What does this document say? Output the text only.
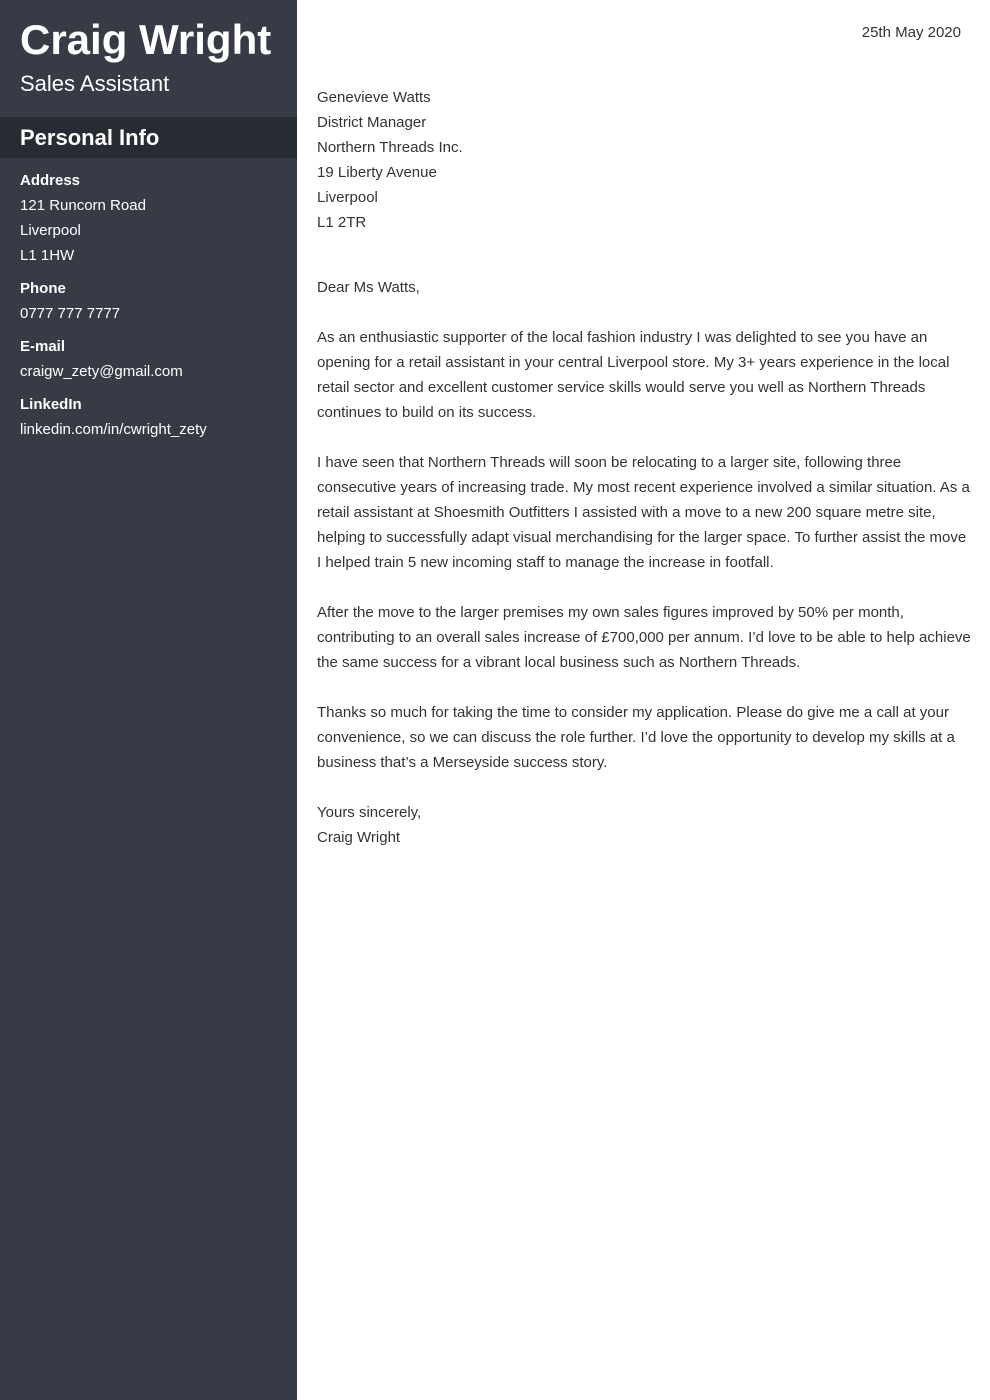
Craig Wright
Sales Assistant
Personal Info
Address
121 Runcorn Road
Liverpool
L1 1HW
Phone
0777 777 7777
E-mail
craigw_zety@gmail.com
LinkedIn
linkedin.com/in/cwright_zety
25th May 2020
Genevieve Watts
District Manager
Northern Threads Inc.
19 Liberty Avenue
Liverpool
L1 2TR
Dear Ms Watts,

As an enthusiastic supporter of the local fashion industry I was delighted to see you have an opening for a retail assistant in your central Liverpool store. My 3+ years experience in the local retail sector and excellent customer service skills would serve you well as Northern Threads continues to build on its success.

I have seen that Northern Threads will soon be relocating to a larger site, following three consecutive years of increasing trade. My most recent experience involved a similar situation. As a retail assistant at Shoesmith Outfitters I assisted with a move to a new 200 square metre site, helping to successfully adapt visual merchandising for the larger space. To further assist the move I helped train 5 new incoming staff to manage the increase in footfall.

After the move to the larger premises my own sales figures improved by 50% per month, contributing to an overall sales increase of £700,000 per annum. I’d love to be able to help achieve the same success for a vibrant local business such as Northern Threads.

Thanks so much for taking the time to consider my application. Please do give me a call at your convenience, so we can discuss the role further. I’d love the opportunity to develop my skills at a business that’s a Merseyside success story.

Yours sincerely,
Craig Wright
